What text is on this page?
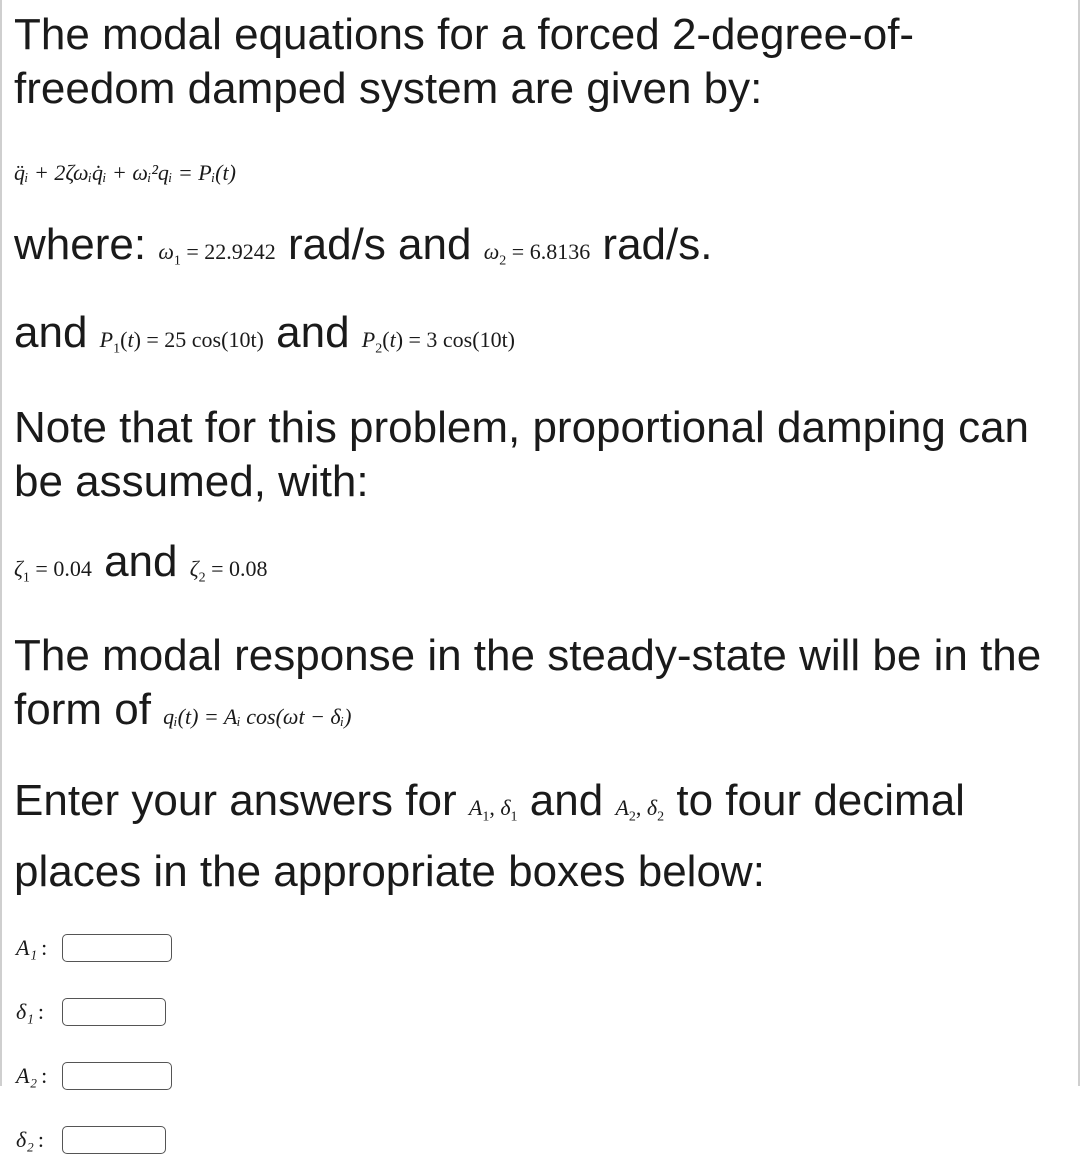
The modal equations for a forced 2-degree-of-freedom damped system are given by:

q̈ᵢ + 2ζωᵢq̇ᵢ + ωᵢ²qᵢ = Pᵢ(t)

where: $\omega_1 = 22.9242$ rad/s and $\omega_2 = 6.8136$ rad/s.

and $P_1(t) = 25$ cos(10t) and $P_2(t) = 3$ cos(10t)

Note that for this problem, proportional damping can be assumed, with:

$\zeta_1 = 0.04$ and $\zeta_2 = 0.08$

The modal response in the steady-state will be in the form of qᵢ(t) = Aᵢ cos(ωt − δᵢ)

Enter your answers for $A_1$, $\delta_1$ and $A_2$, $\delta_2$ to four decimal places in the appropriate boxes below:

A₁ :
δ₁ :
A₂ :
δ₂ :
